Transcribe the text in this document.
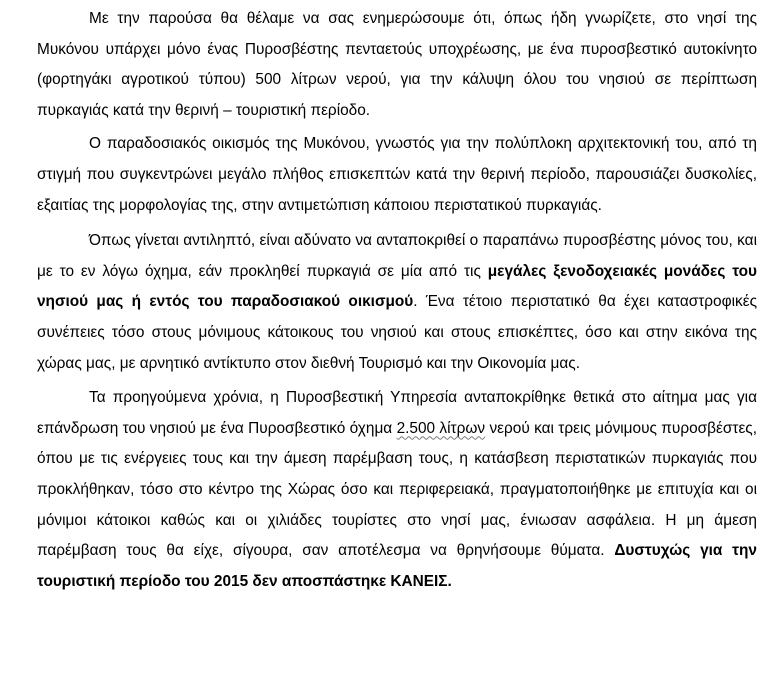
Με την παρούσα θα θέλαμε να σας ενημερώσουμε ότι, όπως ήδη γνωρίζετε, στο νησί της Μυκόνου υπάρχει μόνο ένας Πυροσβέστης πενταετούς υποχρέωσης, με ένα πυροσβεστικό αυτοκίνητο (φορτηγάκι αγροτικού τύπου) 500 λίτρων νερού, για την κάλυψη όλου του νησιού σε περίπτωση πυρκαγιάς κατά την θερινή – τουριστική περίοδο.

Ο παραδοσιακός οικισμός της Μυκόνου, γνωστός για την πολύπλοκη αρχιτεκτονική του, από τη στιγμή που συγκεντρώνει μεγάλο πλήθος επισκεπτών κατά την θερινή περίοδο, παρουσιάζει δυσκολίες, εξαιτίας της μορφολογίας της, στην αντιμετώπιση κάποιου περιστατικού πυρκαγιάς.

Όπως γίνεται αντιληπτό, είναι αδύνατο να ανταποκριθεί ο παραπάνω πυροσβέστης μόνος του, και με το εν λόγω όχημα, εάν προκληθεί πυρκαγιά σε μία από τις μεγάλες ξενοδοχειακές μονάδες του νησιού μας ή εντός του παραδοσιακού οικισμού. Ένα τέτοιο περιστατικό θα έχει καταστροφικές συνέπειες τόσο στους μόνιμους κάτοικους του νησιού και στους επισκέπτες, όσο και στην εικόνα της χώρας μας, με αρνητικό αντίκτυπο στον διεθνή Τουρισμό και την Οικονομία μας.

Τα προηγούμενα χρόνια, η Πυροσβεστική Υπηρεσία ανταποκρίθηκε θετικά στο αίτημα μας για επάνδρωση του νησιού με ένα Πυροσβεστικό όχημα 2.500 λίτρων νερού και τρεις μόνιμους πυροσβέστες, όπου με τις ενέργειες τους και την άμεση παρέμβαση τους, η κατάσβεση περιστατικών πυρκαγιάς που προκλήθηκαν, τόσο στο κέντρο της Χώρας όσο και περιφερειακά, πραγματοποιήθηκε με επιτυχία και οι μόνιμοι κάτοικοι καθώς και οι χιλιάδες τουρίστες στο νησί μας, ένιωσαν ασφάλεια. Η μη άμεση παρέμβαση τους θα είχε, σίγουρα, σαν αποτέλεσμα να θρηνήσουμε θύματα. Δυστυχώς για την τουριστική περίοδο του 2015 δεν αποσπάστηκε ΚΑΝΕΙΣ.
